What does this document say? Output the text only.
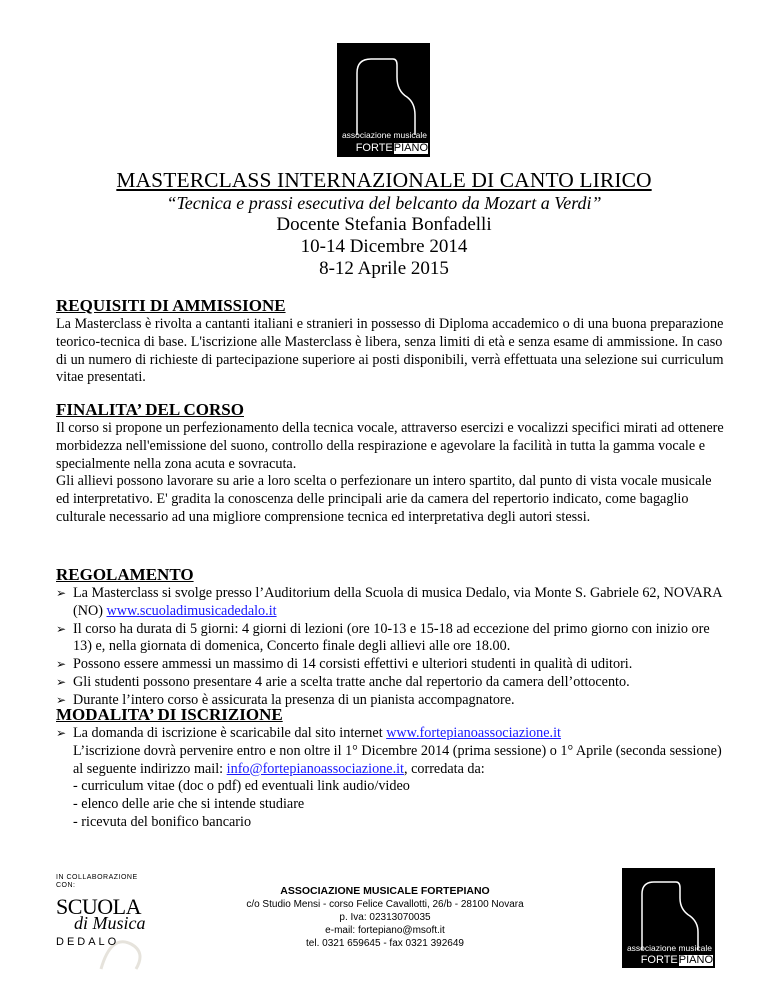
associazione musicale
FORTEPIANO
MASTERCLASS INTERNAZIONALE DI CANTO LIRICO
“Tecnica e prassi esecutiva del belcanto da Mozart a Verdi”
Docente Stefania Bonfadelli
10-14 Dicembre 2014
8-12 Aprile 2015
REQUISITI DI AMMISSIONE

La Masterclass è rivolta a cantanti italiani e stranieri in possesso di Diploma accademico o di una buona preparazione teorico-tecnica di base. L'iscrizione alle Masterclass è libera, senza limiti di età e senza esame di ammissione. In caso di un numero di richieste di partecipazione superiore ai posti disponibili, verrà effettuata una selezione sui curriculum vitae presentati.

FINALITA’ DEL CORSO

Il corso si propone un perfezionamento della tecnica vocale, attraverso esercizi e vocalizzi specifici mirati ad ottenere morbidezza nell'emissione del suono, controllo della respirazione e agevolare la facilità in tutta la gamma vocale e specialmente nella zona acuta e sovracuta.

Gli allievi possono lavorare su arie a loro scelta o perfezionare un intero spartito, dal punto di vista vocale musicale ed interpretativo. E' gradita la conoscenza delle principali arie da camera del repertorio indicato, come bagaglio culturale necessario ad una migliore comprensione tecnica ed interpretativa degli autori stessi.

REGOLAMENTO
➢ La Masterclass si svolge presso l’Auditorium della Scuola di musica Dedalo, via Monte S. Gabriele 62, NOVARA (NO) www.scuoladimusicadedalo.it
➢ Il corso ha durata di 5 giorni: 4 giorni di lezioni (ore 10-13 e 15-18 ad eccezione del primo giorno con inizio ore 13) e, nella giornata di domenica, Concerto finale degli allievi alle ore 18.00.
➢ Possono essere ammessi un massimo di 14 corsisti effettivi e ulteriori studenti in qualità di uditori.
➢ Gli studenti possono presentare 4 arie a scelta tratte anche dal repertorio da camera dell’ottocento.
➢ Durante l’intero corso è assicurata la presenza di un pianista accompagnatore.
MODALITA’ DI ISCRIZIONE
➢ La domanda di iscrizione è scaricabile dal sito internet www.fortepianoassociazione.it
L’iscrizione dovrà pervenire entro e non oltre il 1° Dicembre 2014 (prima sessione) o 1° Aprile (seconda sessione) al seguente indirizzo mail: info@fortepianoassociazione.it, corredata da:
- curriculum vitae (doc o pdf) ed eventuali link audio/video
- elenco delle arie che si intende studiare
- ricevuta del bonifico bancario
IN COLLABORAZIONE
CON:
SCUOLA
di Musica
DEDALO
ASSOCIAZIONE MUSICALE FORTEPIANO
c/o Studio Mensi - corso Felice Cavallotti, 26/b - 28100 Novara
p. Iva: 02313070035
e-mail: fortepiano@msoft.it
tel. 0321 659645 - fax 0321 392649	associazione musicale
FORTEPIANO
